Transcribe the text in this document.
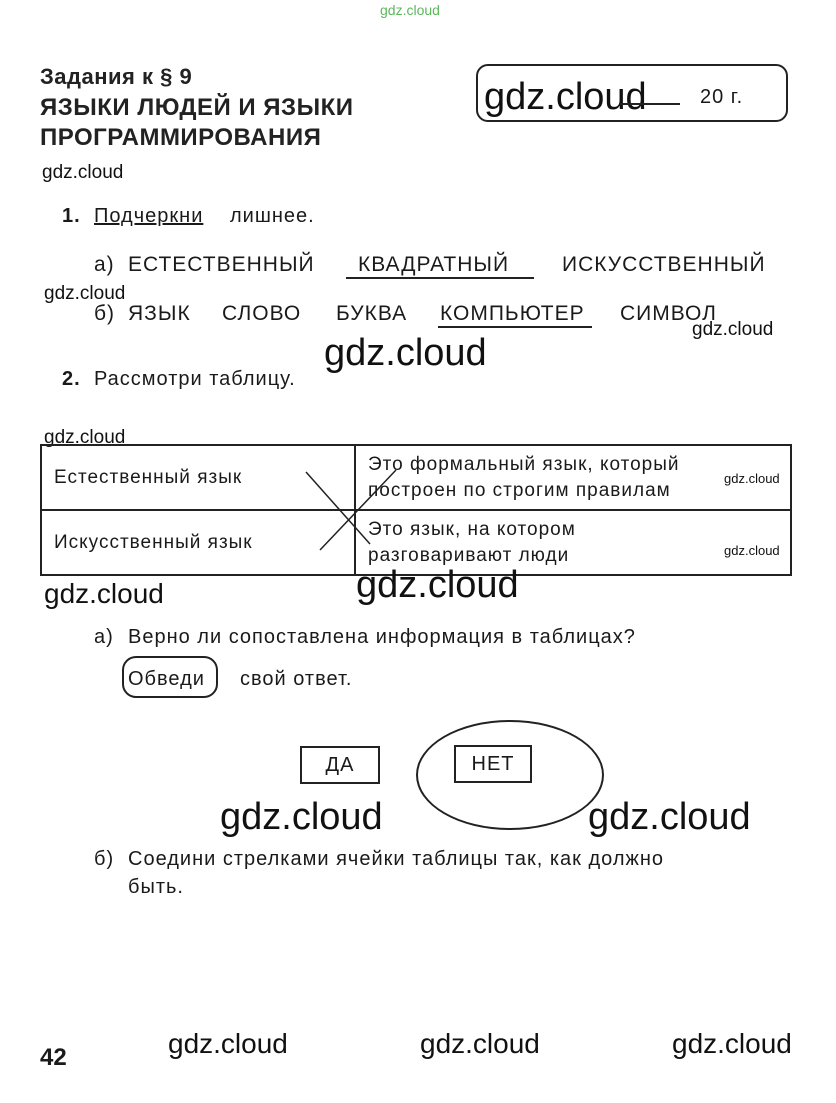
gdz.cloud
Задания к § 9
ЯЗЫКИ ЛЮДЕЙ И ЯЗЫКИ
ПРОГРАММИРОВАНИЯ
gdz.cloud	20 г.
gdz.cloud
1. Подчеркни лишнее.
а) ЕСТЕСТВЕННЫЙ КВАДРАТНЫЙ	ИСКУССТВЕННЫЙ
gdz.cloud
б) ЯЗЫК СЛОВО БУКВА КОМПЬЮТЕР СИМВОЛ
gdz.cloud
gdz.cloud
2. Рассмотри таблицу.
gdz.cloud
Естественный язык	Это формальный язык, который
построен по строгим правилам
Искусственный язык	Это язык, на котором
разговаривают люди
gdz.cloud
gdz.cloud
gdz.cloud	gdz.cloud
а) Верно ли сопоставлена информация в таблицах?
Обведи свой ответ.
ДА	НЕТ
gdz.cloud	gdz.cloud
б) Соедини стрелками ячейки таблицы так, как должно
быть.
42	gdz.cloud	gdz.cloud	gdz.cloud
